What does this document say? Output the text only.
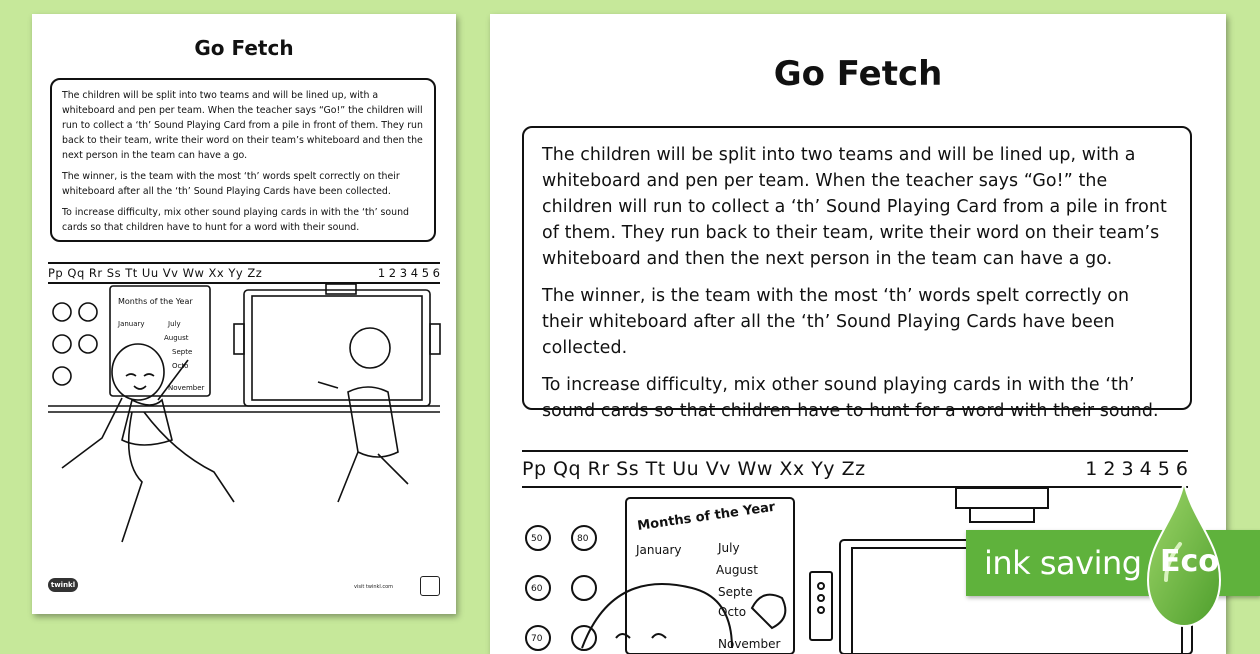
Go Fetch

The children will be split into two teams and will be lined up, with a whiteboard and pen per team. When the teacher says “Go!” the children will run to collect a ‘th’ Sound Playing Card from a pile in front of them. They run back to their team, write their word on their team’s whiteboard and then the next person in the team can have a go.

The winner, is the team with the most ‘th’ words spelt correctly on their whiteboard after all the ‘th’ Sound Playing Cards have been collected.

To increase difficulty, mix other sound playing cards in with the ‘th’ sound cards so that children have to hunt for a word with their sound.

Pp Qq Rr Ss Tt Uu Vv Ww Xx Yy Zz	1 2 3 4 5 6
Months of the Year
January	July
August
Septe
Octo
November
twinkl	visit twinkl.com
Go Fetch

The children will be split into two teams and will be lined up, with a whiteboard and pen per team. When the teacher says “Go!” the children will run to collect a ‘th’ Sound Playing Card from a pile in front of them. They run back to their team, write their word on their team’s whiteboard and then the next person in the team can have a go.

The winner, is the team with the most ‘th’ words spelt correctly on their whiteboard after all the ‘th’ Sound Playing Cards have been collected.

To increase difficulty, mix other sound playing cards in with the ‘th’ sound cards so that children have to hunt for a word with their sound.

Pp Qq Rr Ss Tt Uu Vv Ww Xx Yy Zz	1 2 3 4 5 6
50
60
70
80
Months of the Year
January	July
August
Septe
Octo
November
ink saving Eco
